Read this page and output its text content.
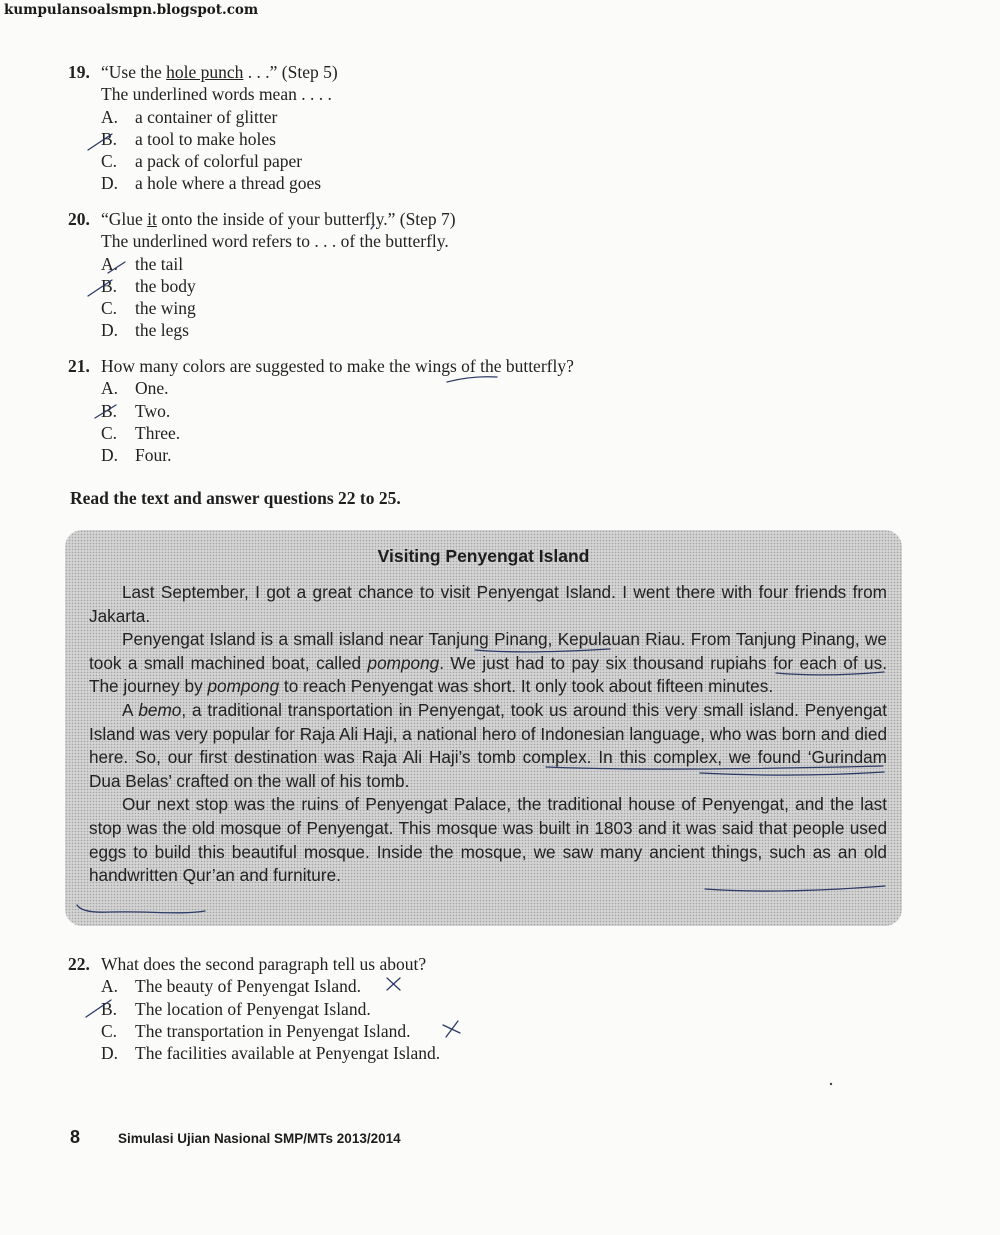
kumpulansoalsmpn.blogspot.com
19. “Use the hole punch . . .” (Step 5)
The underlined words mean . . . .
A. a container of glitter
B. a tool to make holes
C. a pack of colorful paper
D. a hole where a thread goes
20. “Glue it onto the inside of your butterfly.” (Step 7)
The underlined word refers to . . . of the butterfly.
A. the tail
B. the body
C. the wing
D. the legs
21. How many colors are suggested to make the wings of the butterfly?
A. One.
B. Two.
C. Three.
D. Four.
Read the text and answer questions 22 to 25.
Visiting Penyengat Island

Last September, I got a great chance to visit Penyengat Island. I went there with four friends from Jakarta.

Penyengat Island is a small island near Tanjung Pinang, Kepulauan Riau. From Tanjung Pinang, we took a small machined boat, called pompong. We just had to pay six thousand rupiahs for each of us. The journey by pompong to reach Penyengat was short. It only took about fifteen minutes.

A bemo, a traditional transportation in Penyengat, took us around this very small island. Penyengat Island was very popular for Raja Ali Haji, a national hero of Indonesian language, who was born and died here. So, our first destination was Raja Ali Haji’s tomb complex. In this complex, we found ‘Gurindam Dua Belas’ crafted on the wall of his tomb.

Our next stop was the ruins of Penyengat Palace, the traditional house of Penyengat, and the last stop was the old mosque of Penyengat. This mosque was built in 1803 and it was said that people used eggs to build this beautiful mosque. Inside the mosque, we saw many ancient things, such as an old handwritten Qur’an and furniture.

22. What does the second paragraph tell us about?
A. The beauty of Penyengat Island.
B. The location of Penyengat Island.
C. The transportation in Penyengat Island.
D. The facilities available at Penyengat Island.
8	Simulasi Ujian Nasional SMP/MTs 2013/2014
